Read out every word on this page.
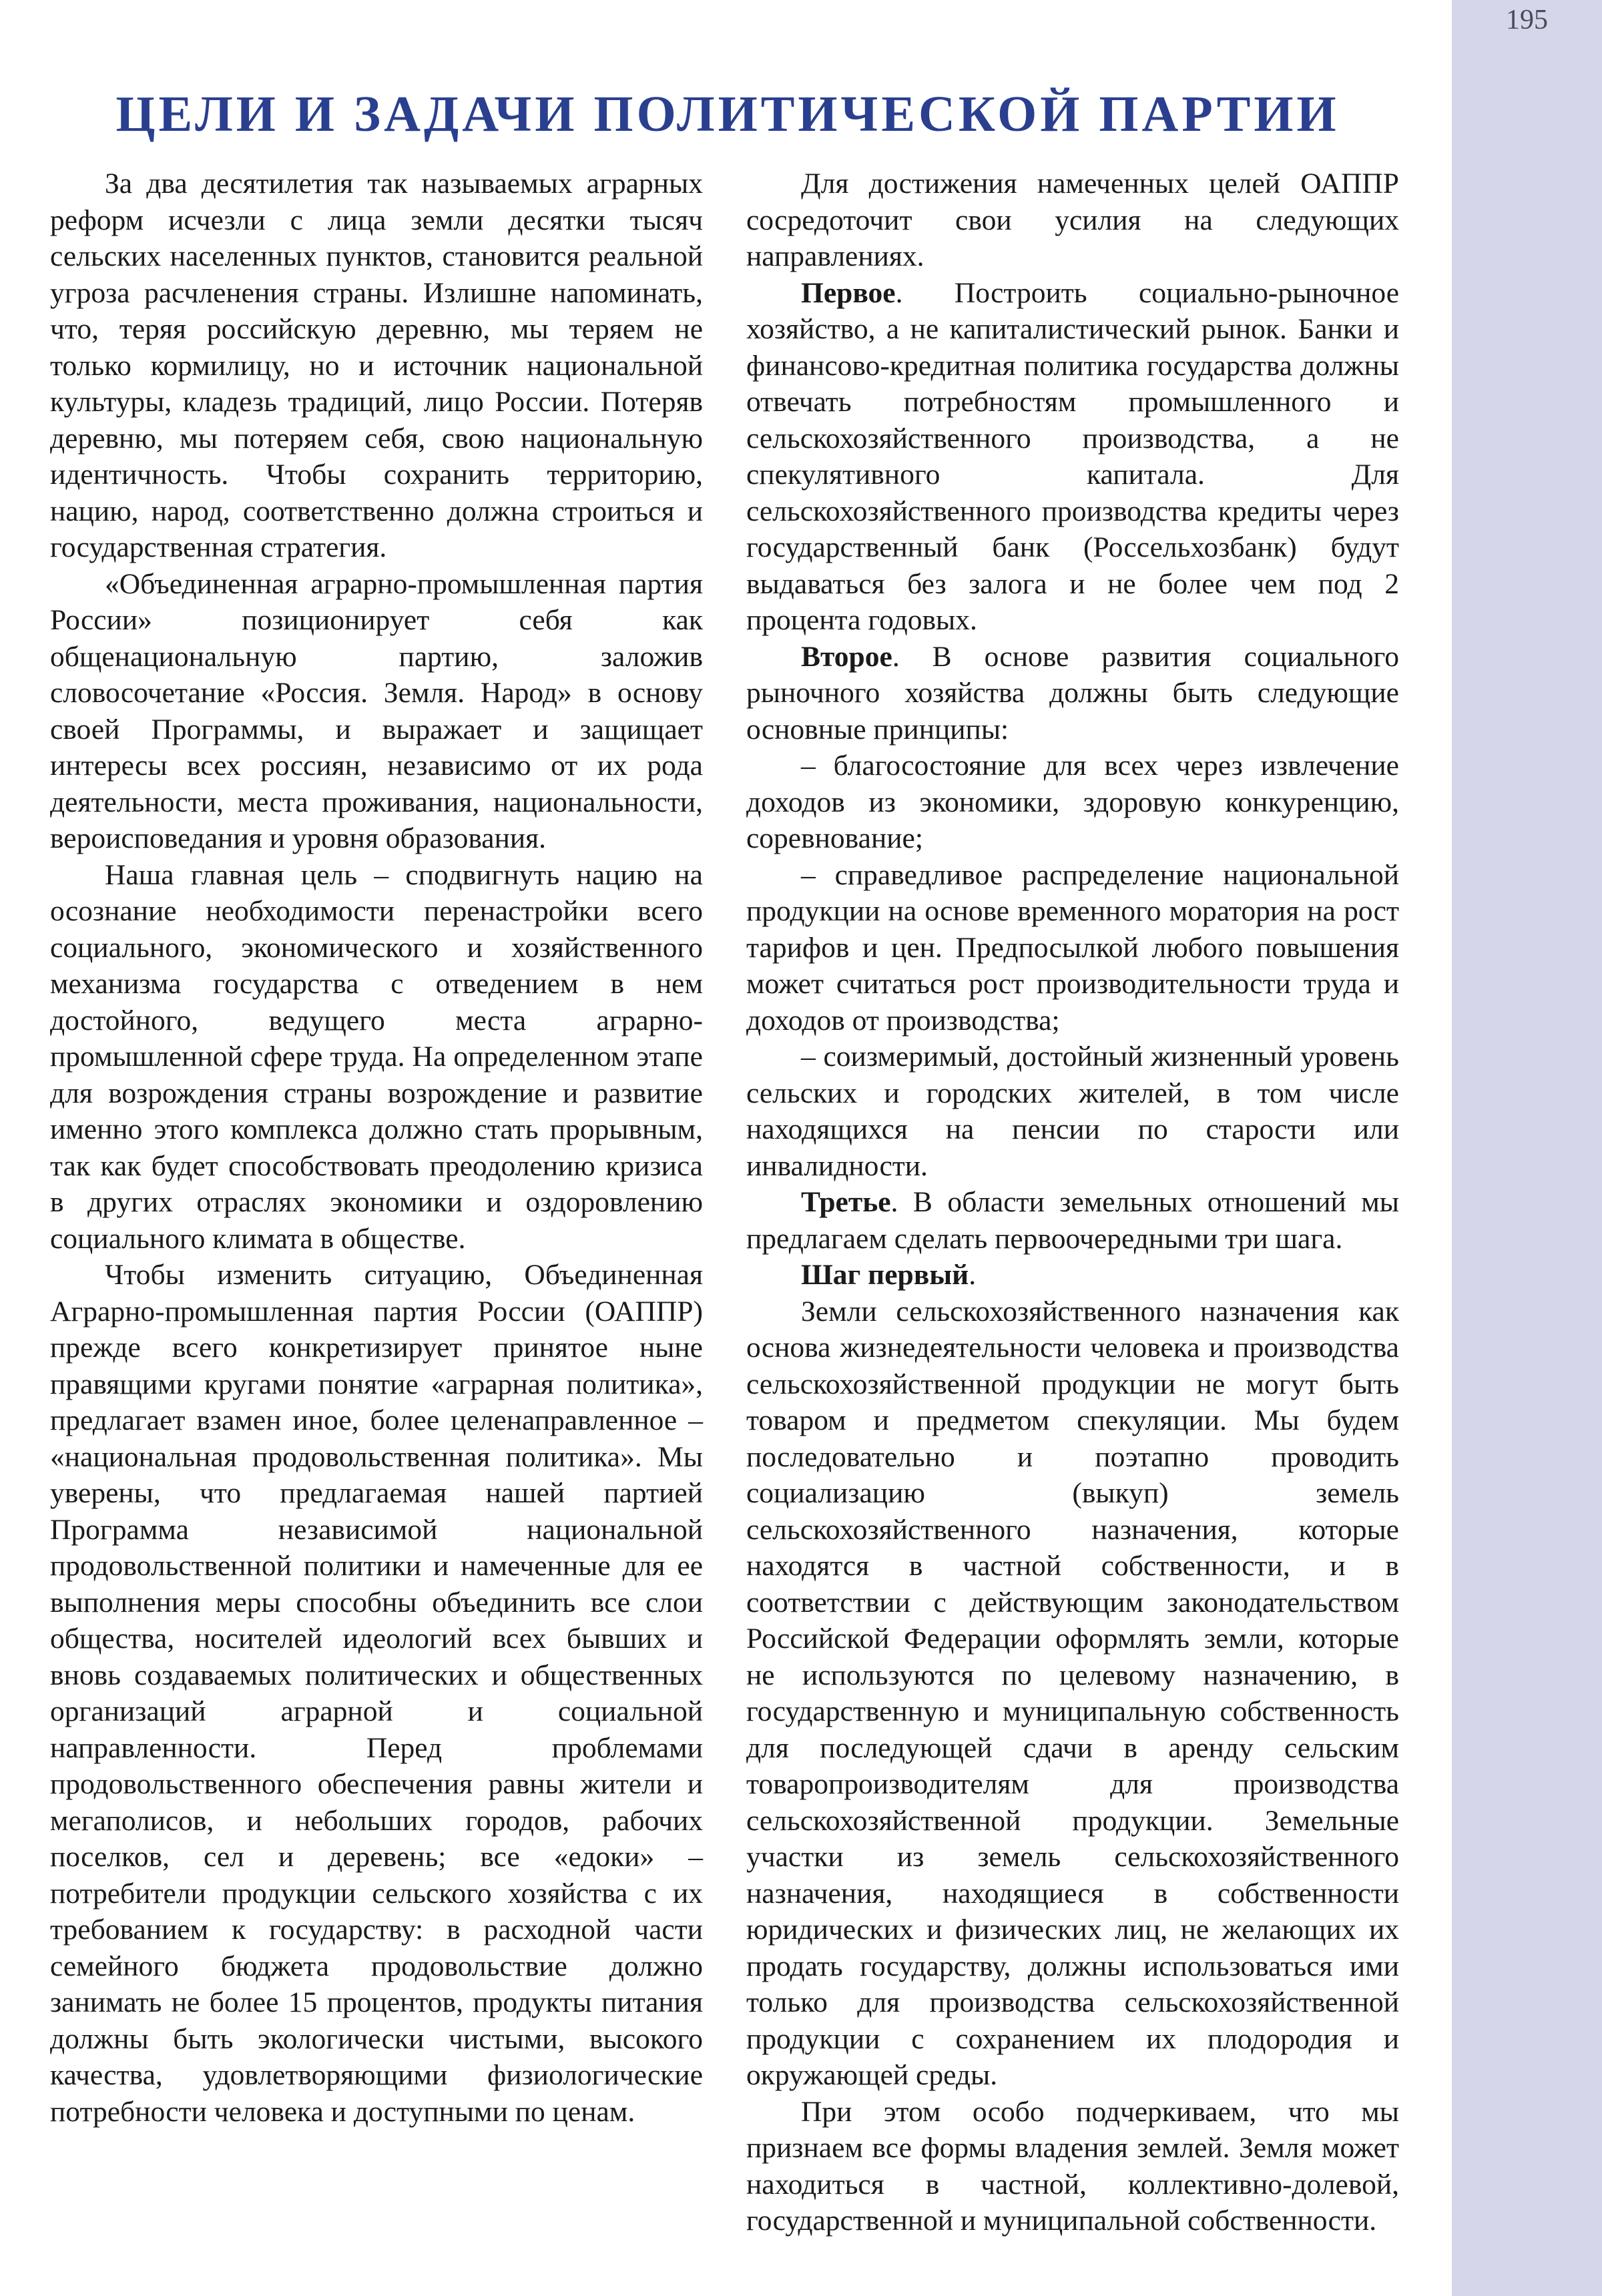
195
ЦЕЛИ И ЗАДАЧИ ПОЛИТИЧЕСКОЙ ПАРТИИ

За два десятилетия так называемых аграрных реформ исчезли с лица земли десятки тысяч сельских населенных пунктов, становится реальной угроза расчленения страны. Излишне напоминать, что, теряя российскую деревню, мы теряем не только кормилицу, но и источник национальной культуры, кладезь традиций, лицо России. Потеряв деревню, мы потеряем себя, свою национальную идентичность. Чтобы сохранить территорию, нацию, народ, соответственно должна строиться и государственная стратегия.

«Объединенная аграрно-промышленная партия России» позиционирует себя как общенациональную партию, заложив словосочетание «Россия. Земля. Народ» в основу своей Программы, и выражает и защищает интересы всех россиян, независимо от их рода деятельности, места проживания, национальности, вероисповедания и уровня образования.

Наша главная цель – сподвигнуть нацию на осознание необходимости перенастройки всего социального, экономического и хозяйственного механизма государства с отведением в нем достойного, ведущего места аграрно-промышленной сфере труда. На определенном этапе для возрождения страны возрождение и развитие именно этого комплекса должно стать прорывным, так как будет способствовать преодолению кризиса в других отраслях экономики и оздоровлению социального климата в обществе.

Чтобы изменить ситуацию, Объединенная Аграрно-промышленная партия России (ОАППР) прежде всего конкретизирует принятое ныне правящими кругами понятие «аграрная политика», предлагает взамен иное, более целенаправленное – «национальная продовольственная политика». Мы уверены, что предлагаемая нашей партией Программа независимой национальной продовольственной политики и намеченные для ее выполнения меры способны объединить все слои общества, носителей идеологий всех бывших и вновь создаваемых политических и общественных организаций аграрной и социальной направленности. Перед проблемами продовольственного обеспечения равны жители и мегаполисов, и небольших городов, рабочих поселков, сел и деревень; все «едоки» – потребители продукции сельского хозяйства с их требованием к государству: в расходной части семейного бюджета продовольствие должно занимать не более 15 процентов, продукты питания должны быть экологически чистыми, высокого качества, удовлетворяющими физиологические потребности человека и доступными по ценам.

Для достижения намеченных целей ОАППР сосредоточит свои усилия на следующих направлениях.

Первое. Построить социально-рыночное хозяйство, а не капиталистический рынок. Банки и финансово-кредитная политика государства должны отвечать потребностям промышленного и сельскохозяйственного производства, а не спекулятивного капитала. Для сельскохозяйственного производства кредиты через государственный банк (Россельхозбанк) будут выдаваться без залога и не более чем под 2 процента годовых.

Второе. В основе развития социального рыночного хозяйства должны быть следующие основные принципы:

– благосостояние для всех через извлечение доходов из экономики, здоровую конкуренцию, соревнование;

– справедливое распределение национальной продукции на основе временного моратория на рост тарифов и цен. Предпосылкой любого повышения может считаться рост производительности труда и доходов от производства;

– соизмеримый, достойный жизненный уровень сельских и городских жителей, в том числе находящихся на пенсии по старости или инвалидности.

Третье. В области земельных отношений мы предлагаем сделать первоочередными три шага.

Шаг первый.

Земли сельскохозяйственного назначения как основа жизнедеятельности человека и производства сельскохозяйственной продукции не могут быть товаром и предметом спекуляции. Мы будем последовательно и поэтапно проводить социализацию (выкуп) земель сельскохозяйственного назначения, которые находятся в частной собственности, и в соответствии с действующим законодательством Российской Федерации оформлять земли, которые не используются по целевому назначению, в государственную и муниципальную собственность для последующей сдачи в аренду сельским товаропроизводителям для производства сельскохозяйственной продукции. Земельные участки из земель сельскохозяйственного назначения, находящиеся в собственности юридических и физических лиц, не желающих их продать государству, должны использоваться ими только для производства сельскохозяйственной продукции с сохранением их плодородия и окружающей среды.

При этом особо подчеркиваем, что мы признаем все формы владения землей. Земля может находиться в частной, коллективно-долевой, государственной и муниципальной собственности.
